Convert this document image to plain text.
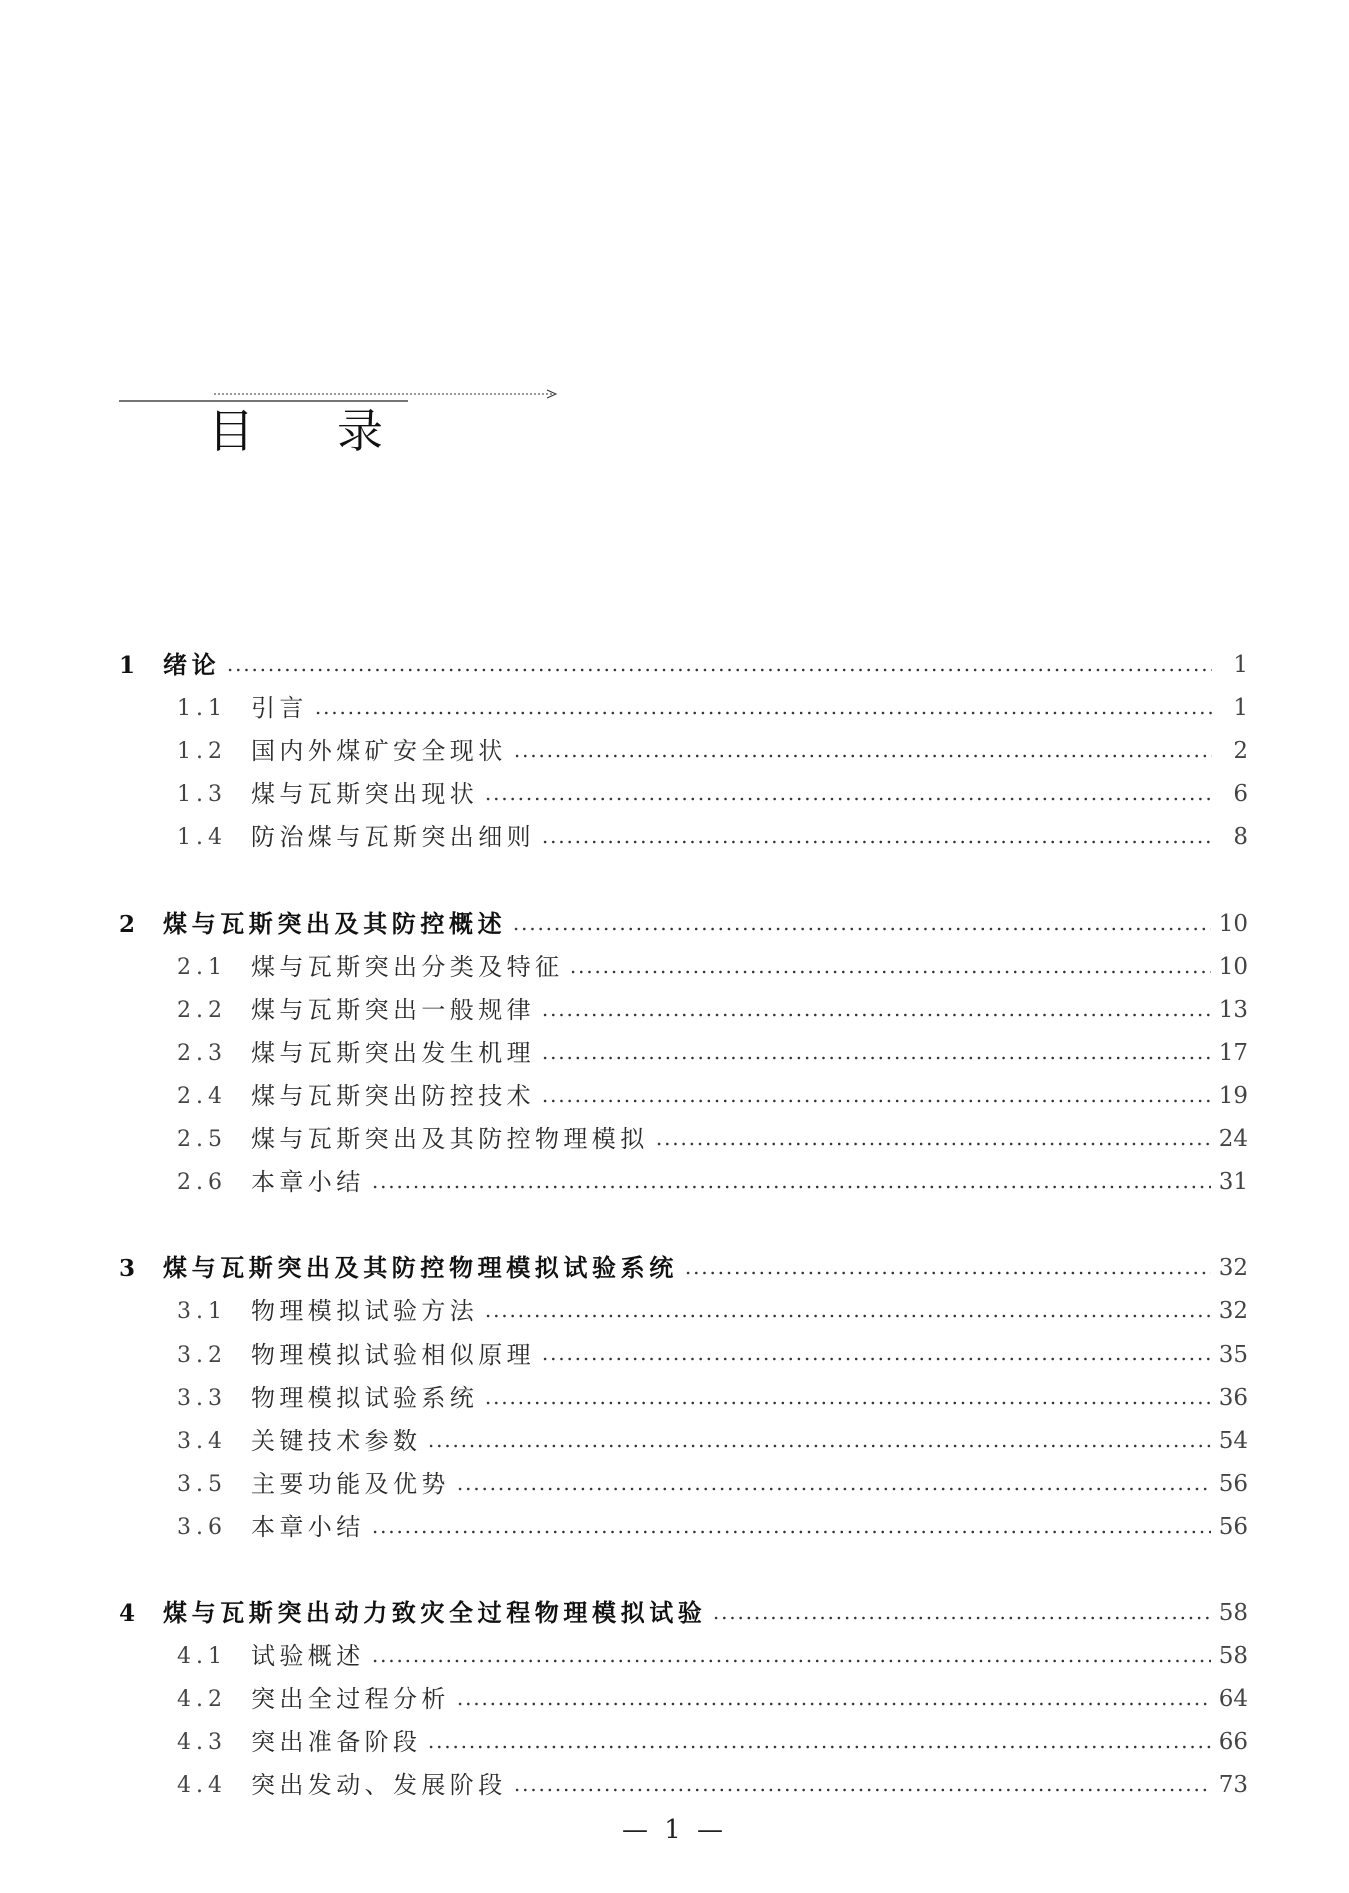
目录
1	绪论	1
1.1	引言	1
1.2	国内外煤矿安全现状	2
1.3	煤与瓦斯突出现状	6
1.4	防治煤与瓦斯突出细则	8
2	煤与瓦斯突出及其防控概述	10
2.1	煤与瓦斯突出分类及特征	10
2.2	煤与瓦斯突出一般规律	13
2.3	煤与瓦斯突出发生机理	17
2.4	煤与瓦斯突出防控技术	19
2.5	煤与瓦斯突出及其防控物理模拟	24
2.6	本章小结	31
3	煤与瓦斯突出及其防控物理模拟试验系统	32
3.1	物理模拟试验方法	32
3.2	物理模拟试验相似原理	35
3.3	物理模拟试验系统	36
3.4	关键技术参数	54
3.5	主要功能及优势	56
3.6	本章小结	56
4	煤与瓦斯突出动力致灾全过程物理模拟试验	58
4.1	试验概述	58
4.2	突出全过程分析	64
4.3	突出准备阶段	66
4.4	突出发动、发展阶段	73
— 1 —
